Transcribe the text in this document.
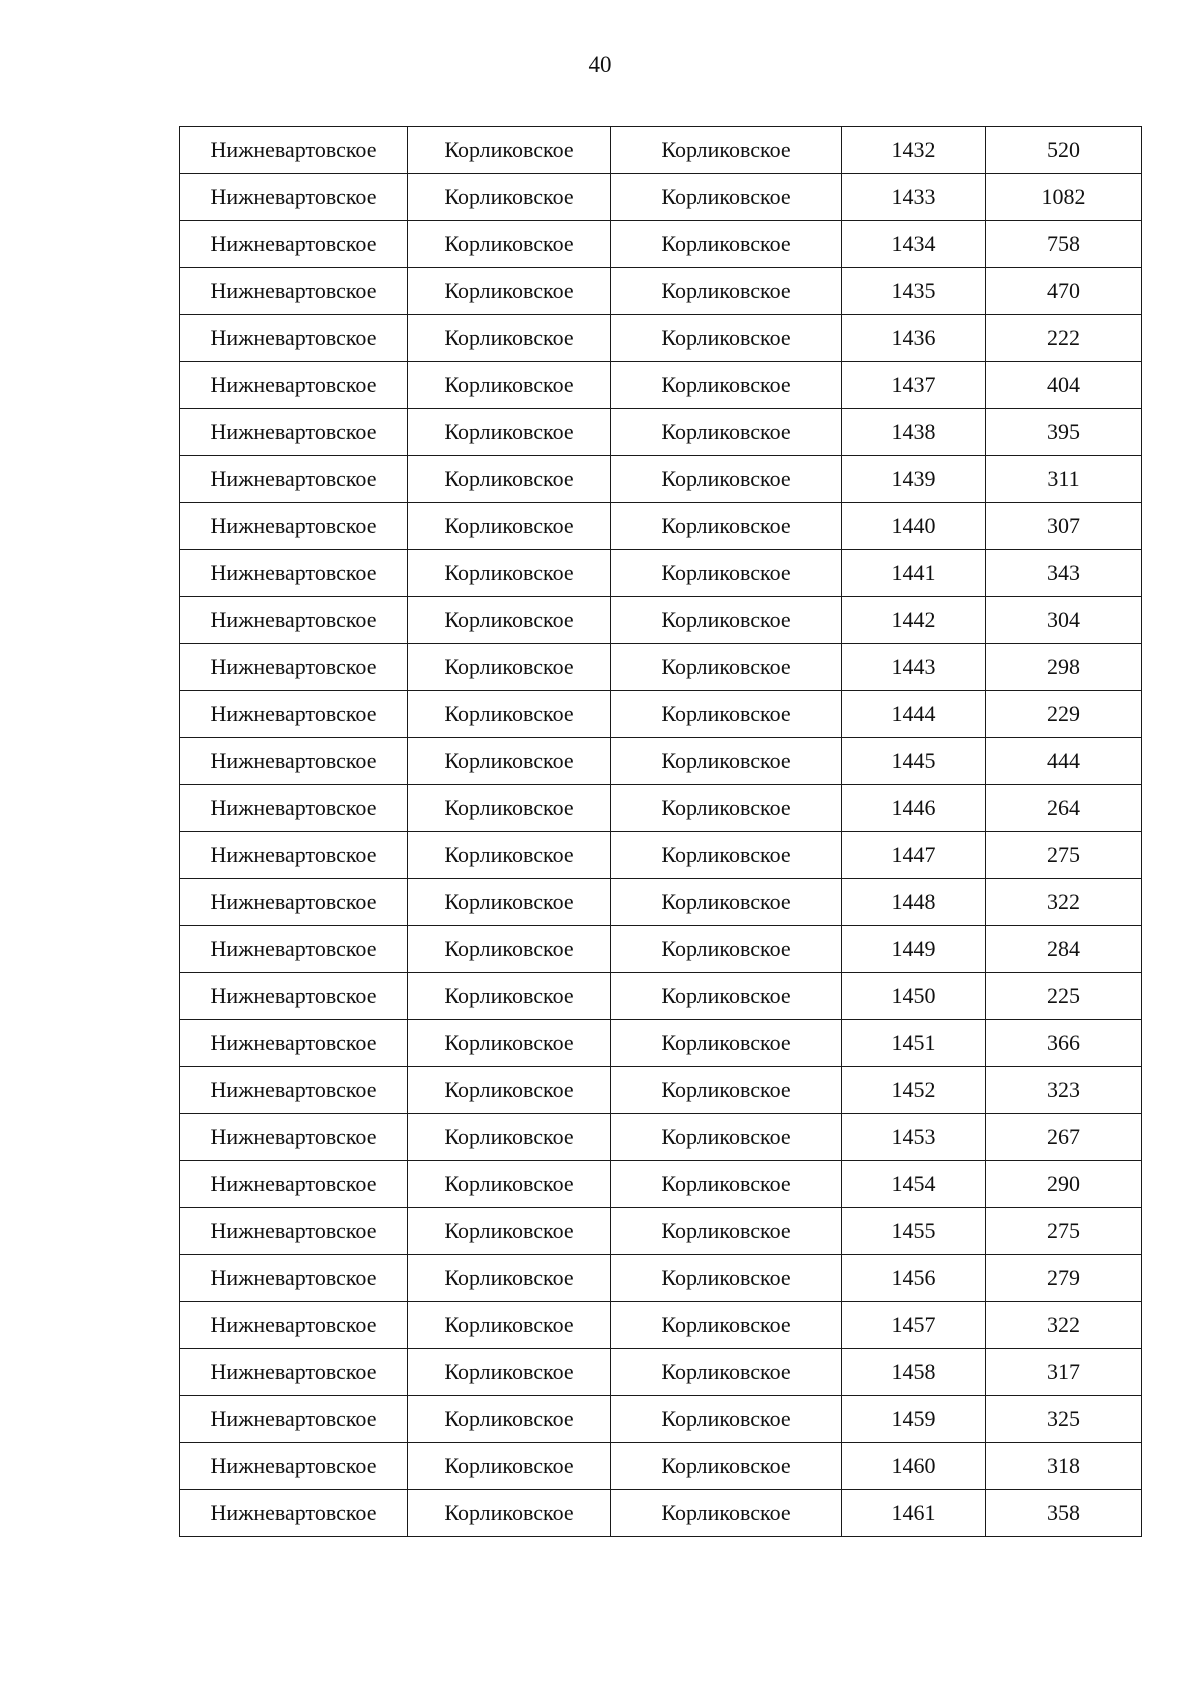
40
Нижневартовское	Корликовское	Корликовское	1432	520
Нижневартовское	Корликовское	Корликовское	1433	1082
Нижневартовское	Корликовское	Корликовское	1434	758
Нижневартовское	Корликовское	Корликовское	1435	470
Нижневартовское	Корликовское	Корликовское	1436	222
Нижневартовское	Корликовское	Корликовское	1437	404
Нижневартовское	Корликовское	Корликовское	1438	395
Нижневартовское	Корликовское	Корликовское	1439	311
Нижневартовское	Корликовское	Корликовское	1440	307
Нижневартовское	Корликовское	Корликовское	1441	343
Нижневартовское	Корликовское	Корликовское	1442	304
Нижневартовское	Корликовское	Корликовское	1443	298
Нижневартовское	Корликовское	Корликовское	1444	229
Нижневартовское	Корликовское	Корликовское	1445	444
Нижневартовское	Корликовское	Корликовское	1446	264
Нижневартовское	Корликовское	Корликовское	1447	275
Нижневартовское	Корликовское	Корликовское	1448	322
Нижневартовское	Корликовское	Корликовское	1449	284
Нижневартовское	Корликовское	Корликовское	1450	225
Нижневартовское	Корликовское	Корликовское	1451	366
Нижневартовское	Корликовское	Корликовское	1452	323
Нижневартовское	Корликовское	Корликовское	1453	267
Нижневартовское	Корликовское	Корликовское	1454	290
Нижневартовское	Корликовское	Корликовское	1455	275
Нижневартовское	Корликовское	Корликовское	1456	279
Нижневартовское	Корликовское	Корликовское	1457	322
Нижневартовское	Корликовское	Корликовское	1458	317
Нижневартовское	Корликовское	Корликовское	1459	325
Нижневартовское	Корликовское	Корликовское	1460	318
Нижневартовское	Корликовское	Корликовское	1461	358
